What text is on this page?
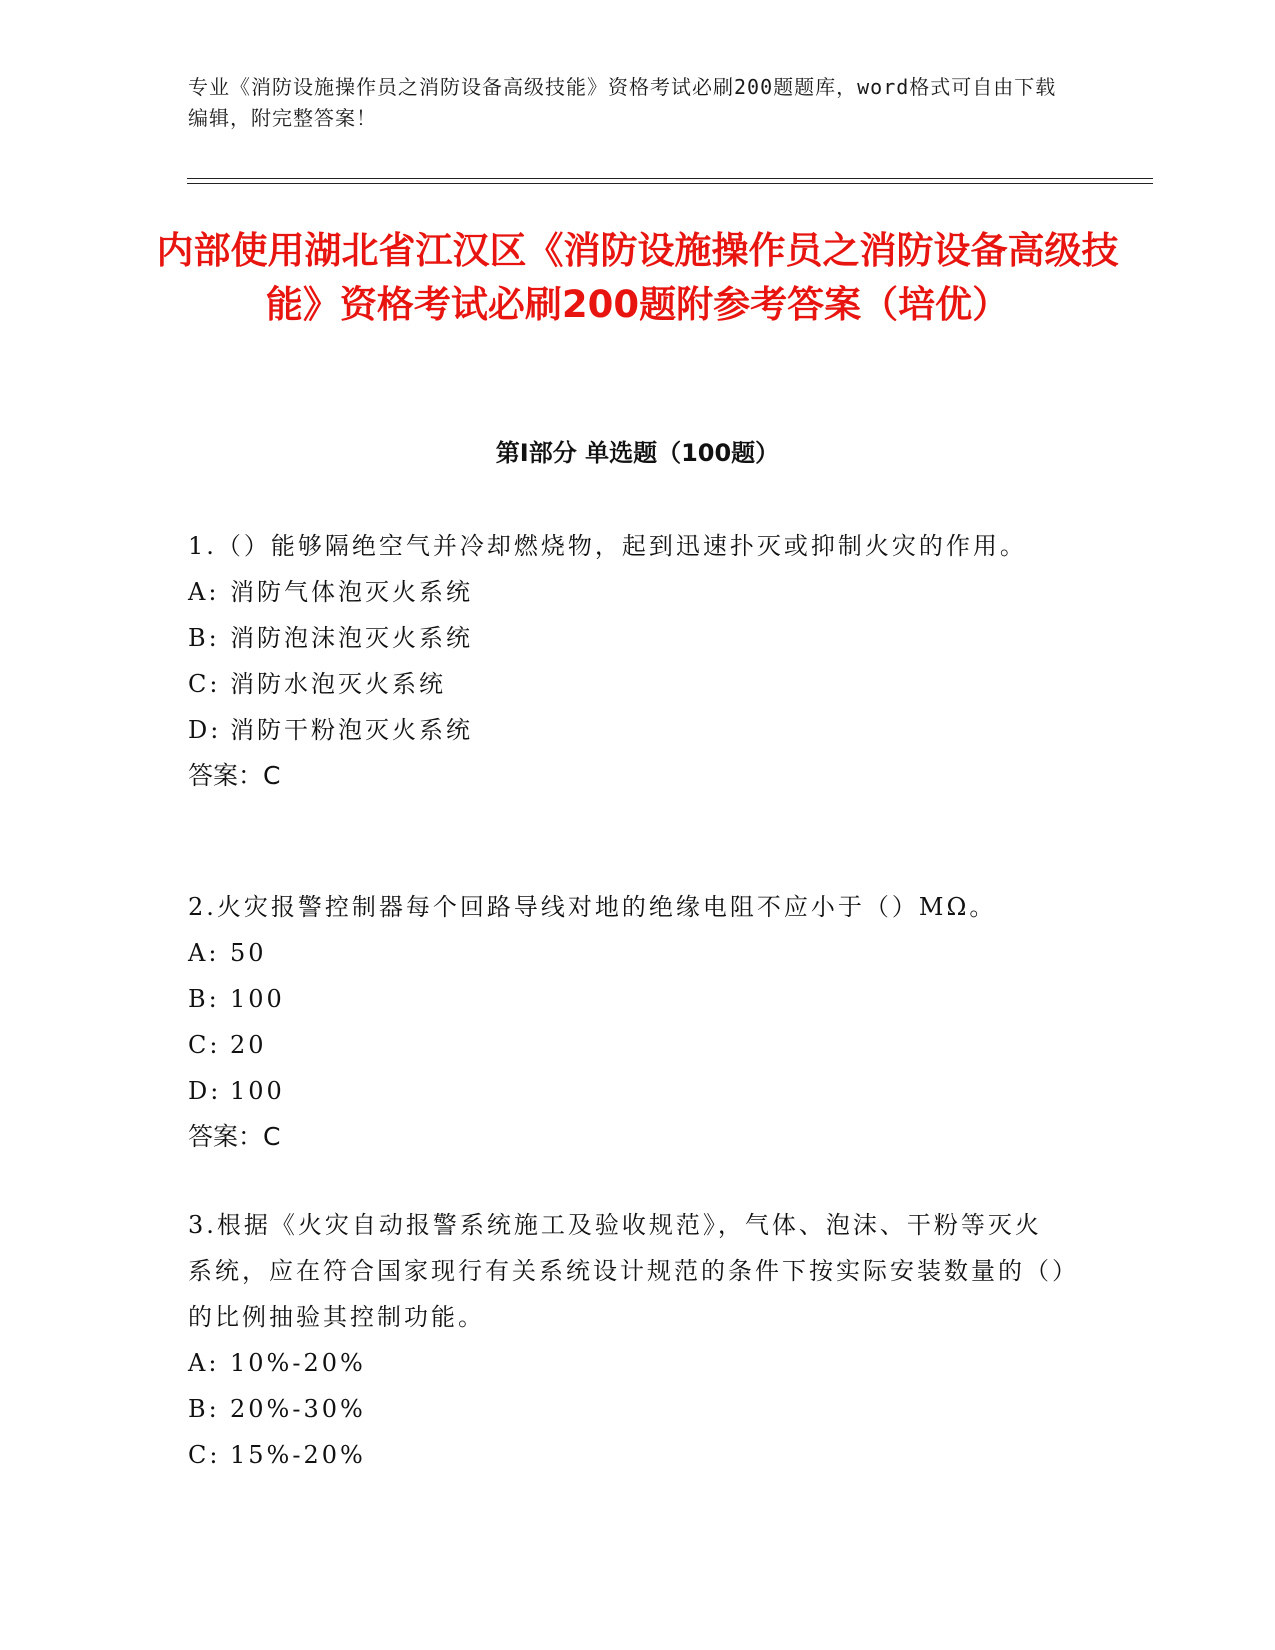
专业《消防设施操作员之消防设备高级技能》资格考试必刷200题题库，word格式可自由下载编辑，附完整答案！
内部使用湖北省江汉区《消防设施操作员之消防设备高级技能》资格考试必刷200题附参考答案（培优）
第Ⅰ部分 单选题（100题）

1.（）能够隔绝空气并冷却燃烧物，起到迅速扑灭或抑制火灾的作用。

A: 消防气体泡灭火系统

B: 消防泡沫泡灭火系统

C: 消防水泡灭火系统

D: 消防干粉泡灭火系统

答案：C

2.火灾报警控制器每个回路导线对地的绝缘电阻不应小于（）MΩ。

A: 50

B: 100

C: 20

D: 100

答案：C

3.根据《火灾自动报警系统施工及验收规范》，气体、泡沫、干粉等灭火系统，应在符合国家现行有关系统设计规范的条件下按实际安装数量的（）的比例抽验其控制功能。

A: 10%-20%

B: 20%-30%

C: 15%-20%
